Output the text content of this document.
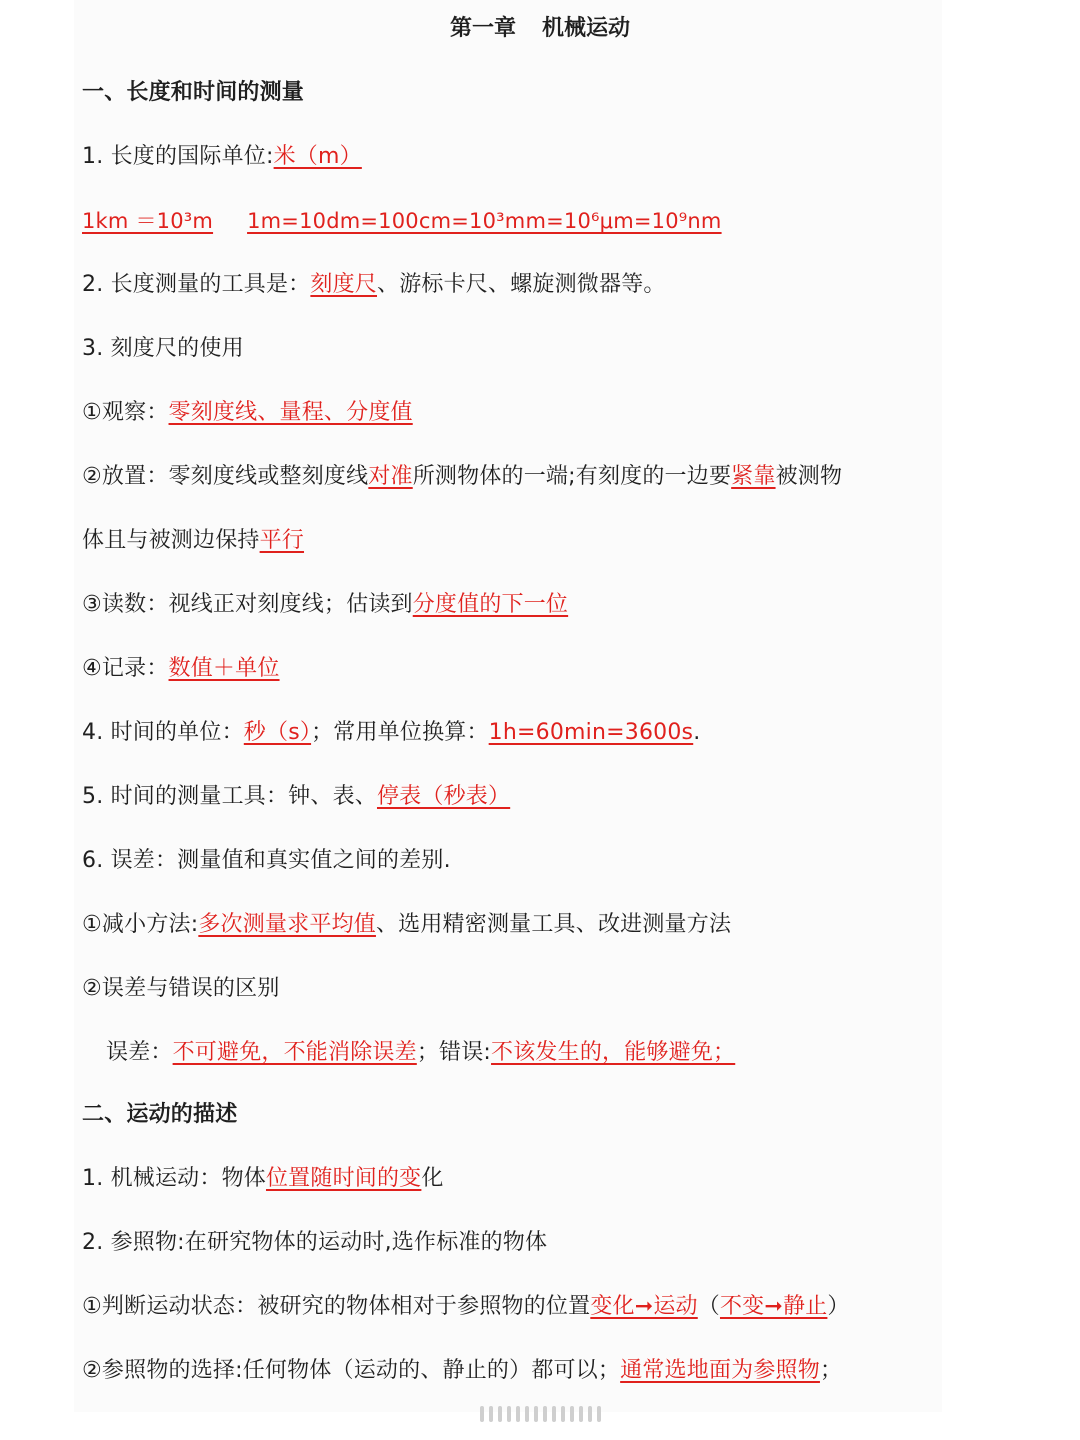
第一章 机械运动
一、长度和时间的测量
1. 长度的国际单位:米（m）
1km ＝10³m 1m=10dm=100cm=10³mm=10⁶μm=10⁹nm
2. 长度测量的工具是：刻度尺、游标卡尺、螺旋测微器等。
3. 刻度尺的使用
①观察：零刻度线、量程、分度值
②放置：零刻度线或整刻度线对准所测物体的一端;有刻度的一边要紧靠被测物
体且与被测边保持平行
③读数：视线正对刻度线；估读到分度值的下一位
④记录：数值＋单位
4. 时间的单位：秒（s）；常用单位换算：1h=60min=3600s.
5. 时间的测量工具：钟、表、停表（秒表）
6. 误差：测量值和真实值之间的差别.
①减小方法:多次测量求平均值、选用精密测量工具、改进测量方法
②误差与错误的区别
误差：不可避免，不能消除误差；错误:不该发生的，能够避免；
二、运动的描述
1. 机械运动：物体位置随时间的变化
2. 参照物:在研究物体的运动时,选作标准的物体
①判断运动状态：被研究的物体相对于参照物的位置变化➞运动（不变➞静止）
②参照物的选择:任何物体（运动的、静止的）都可以；通常选地面为参照物；
